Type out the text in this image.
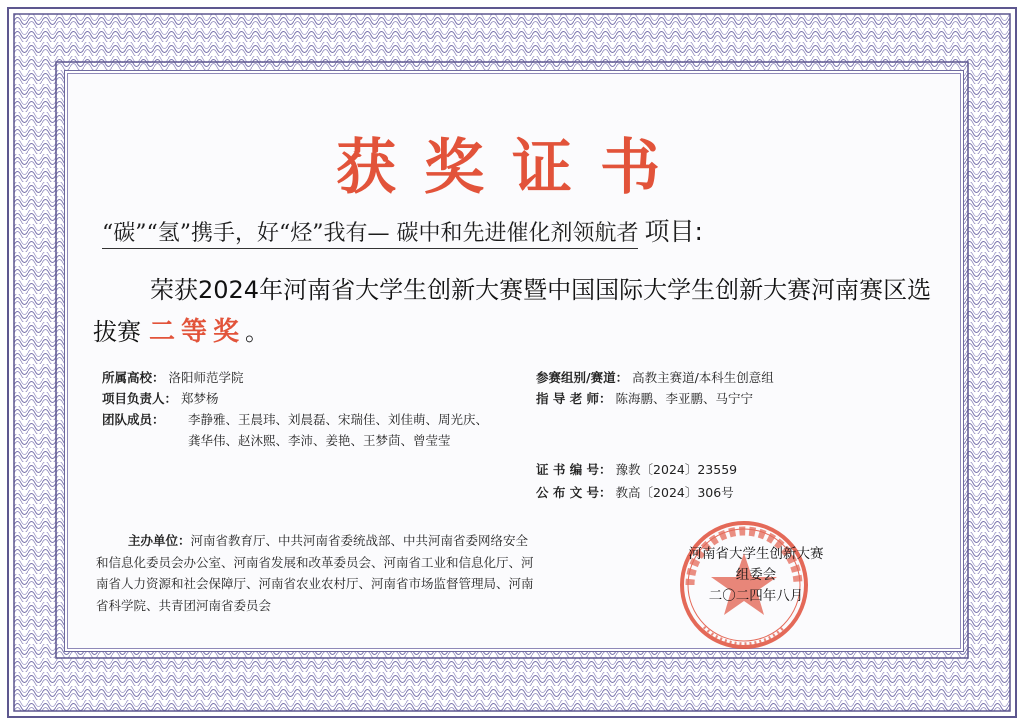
获奖证书
“碳”“氢”携手，好“烃”我有— 碳中和先进催化剂领航者 项目:
荣获2024年河南省大学生创新大赛暨中国国际大学生创新大赛河南赛区选
拔赛 二等奖。
所属高校： 洛阳师范学院
项目负责人： 郑梦杨
团队成员： 李静雅、王晨玮、刘晨磊、宋瑞佳、刘佳萌、周光庆、龚华伟、赵沐熙、李沛、姜艳、王梦茴、曾莹莹
参赛组别/赛道： 高教主赛道/本科生创意组
指 导 老 师： 陈海鹏、李亚鹏、马宁宁
证 书 编 号： 豫教〔2024〕23559
公 布 文 号： 教高〔2024〕306号
主办单位：河南省教育厅、中共河南省委统战部、中共河南省委网络安全和信息化委员会办公室、河南省发展和改革委员会、河南省工业和信息化厅、河南省人力资源和社会保障厅、河南省农业农村厅、河南省市场监督管理局、河南省科学院、共青团河南省委员会
河南省大学生创新大赛
组委会
二〇二四年八月
